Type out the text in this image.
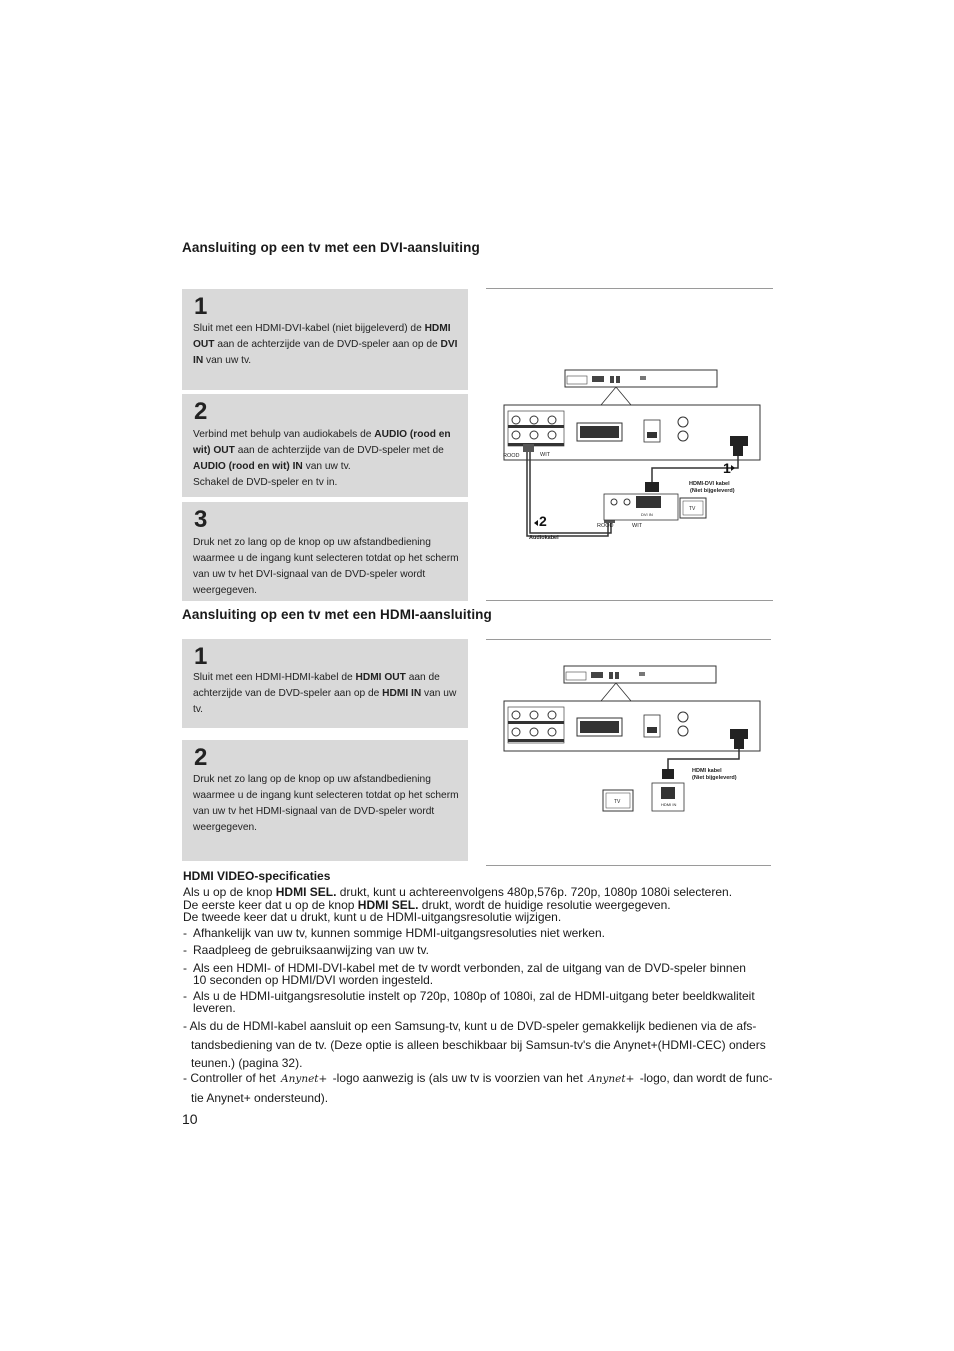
Aansluiting op een tv met een DVI-aansluiting
1
Sluit met een HDMI-DVI-kabel (niet bijgeleverd) de HDMI
OUT aan de achterzijde van de DVD-speler aan op de DVI
IN van uw tv.
2
Verbind met behulp van audiokabels de AUDIO (rood en
wit) OUT aan de achterzijde van de DVD-speler met de
AUDIO (rood en wit) IN van uw tv.
Schakel de DVD-speler en tv in.
3
Druk net zo lang op de knop op uw afstandbediening
waarmee u de ingang kunt selecteren totdat op het scherm
van uw tv het DVI-signaal van de DVD-speler wordt
weergegeven.
ROOD	WIT
1
HDMI-DVI kabel
(Niet bijgeleverd)
DVI IN
TV
ROOD	WIT
2
Audiokabel
Aansluiting op een tv met een HDMI-aansluiting
1
Sluit met een HDMI-HDMI-kabel de HDMI OUT aan de
achterzijde van de DVD-speler aan op de HDMI IN van uw
tv.
2
Druk net zo lang op de knop op uw afstandbediening
waarmee u de ingang kunt selecteren totdat op het scherm
van uw tv het HDMI-signaal van de DVD-speler wordt
weergegeven.
HDMI kabel
(Niet bijgeleverd)
HDMI IN
TV
HDMI VIDEO-specificaties
Als u op de knop HDMI SEL. drukt, kunt u achtereenvolgens 480p,576p. 720p, 1080p 1080i selecteren.
De eerste keer dat u op de knop HDMI SEL. drukt, wordt de huidige resolutie weergegeven.
De tweede keer dat u drukt, kunt u de HDMI-uitgangsresolutie wijzigen.
- Afhankelijk van uw tv, kunnen sommige HDMI-uitgangsresoluties niet werken.
- Raadpleeg de gebruiksaanwijzing van uw tv.
- Als een HDMI- of HDMI-DVI-kabel met de tv wordt verbonden, zal de uitgang van de DVD-speler binnen
10 seconden op HDMI/DVI worden ingesteld.
- Als u de HDMI-uitgangsresolutie instelt op 720p, 1080p of 1080i, zal de HDMI-uitgang beter beeldkwaliteit
leveren.
- Als du de HDMI-kabel aansluit op een Samsung-tv, kunt u de DVD-speler gemakkelijk bedienen via de afs-
tandsbediening van de tv. (Deze optie is alleen beschikbaar bij Samsun-tv's die Anynet+(HDMI-CEC) onders
teunen.) (pagina 32).
- Controller of het Anynet+ -logo aanwezig is (als uw tv is voorzien van het Anynet+ -logo, dan wordt de func-
tie Anynet+ ondersteund).
10
